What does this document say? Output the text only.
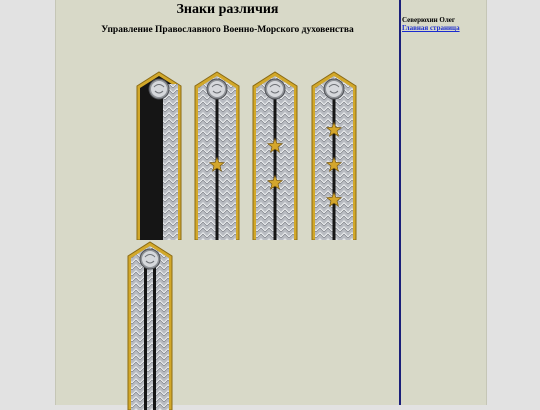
Знаки различия
Управление Православного Военно-Морского духовенства
Северюхин Олег
Главная страница
